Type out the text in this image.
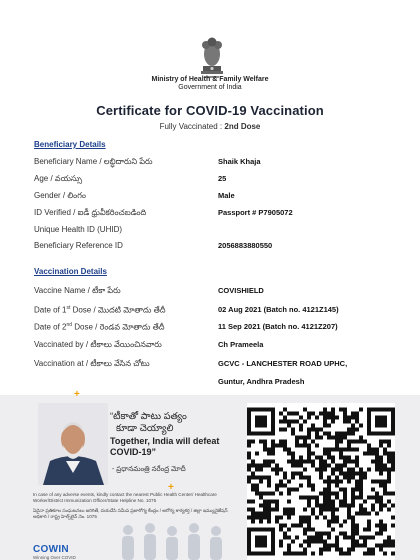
Ministry of Health & Family Welfare
Government of India
Certificate for COVID-19 Vaccination
Fully Vaccinated : 2nd Dose
Beneficiary Details
Beneficiary Name / లబ్ధిదారుని పేరు	Shaik Khaja
Age / వయస్సు	25
Gender / లింగం	Male
ID Verified / ఐడీ ధ్రువీకరించబడింది	Passport # P7905072
Unique Health ID (UHID)
Beneficiary Reference ID	2056883880550
Vaccination Details
Vaccine Name / టీకా పేరు	COVISHIELD
Date of 1st Dose / మొదటి మోతాదు తేదీ	02 Aug 2021 (Batch no. 4121Z145)
Date of 2nd Dose / రెండవ మోతాదు తేదీ	11 Sep 2021 (Batch no. 4121Z207)
Vaccinated by / టీకాలు వేయించినవారు	Ch Prameela
Vaccination at / టీకాలు వేసిన చోటు	GCVC - LANCHESTER ROAD UPHC,
Guntur, Andhra Pradesh
+
+
“టీకాతో పాటు పత్యం
కూడా చెయ్యాలి
Together, India will defeat
COVID-19”
- ప్రధానమంత్రి నరేంద్ర మోదీ
In case of any adverse events, kindly contact the nearest Public Health Center/ Healthcare Worker/District Immunization Officer/State Helpline No. 1075
ఏదైనా ప్రతికూల సంఘటనలు జరిగితే, దయచేసి సమీప ప్రజారోగ్య కేంద్రం / ఆరోగ్య కార్యకర్త / జిల్లా ఇమ్యునైజేషన్ అధికారి / రాష్ట్ర హెల్ప్‌లైన్ నెం. 1075
COWIN
Winning Over COVID
